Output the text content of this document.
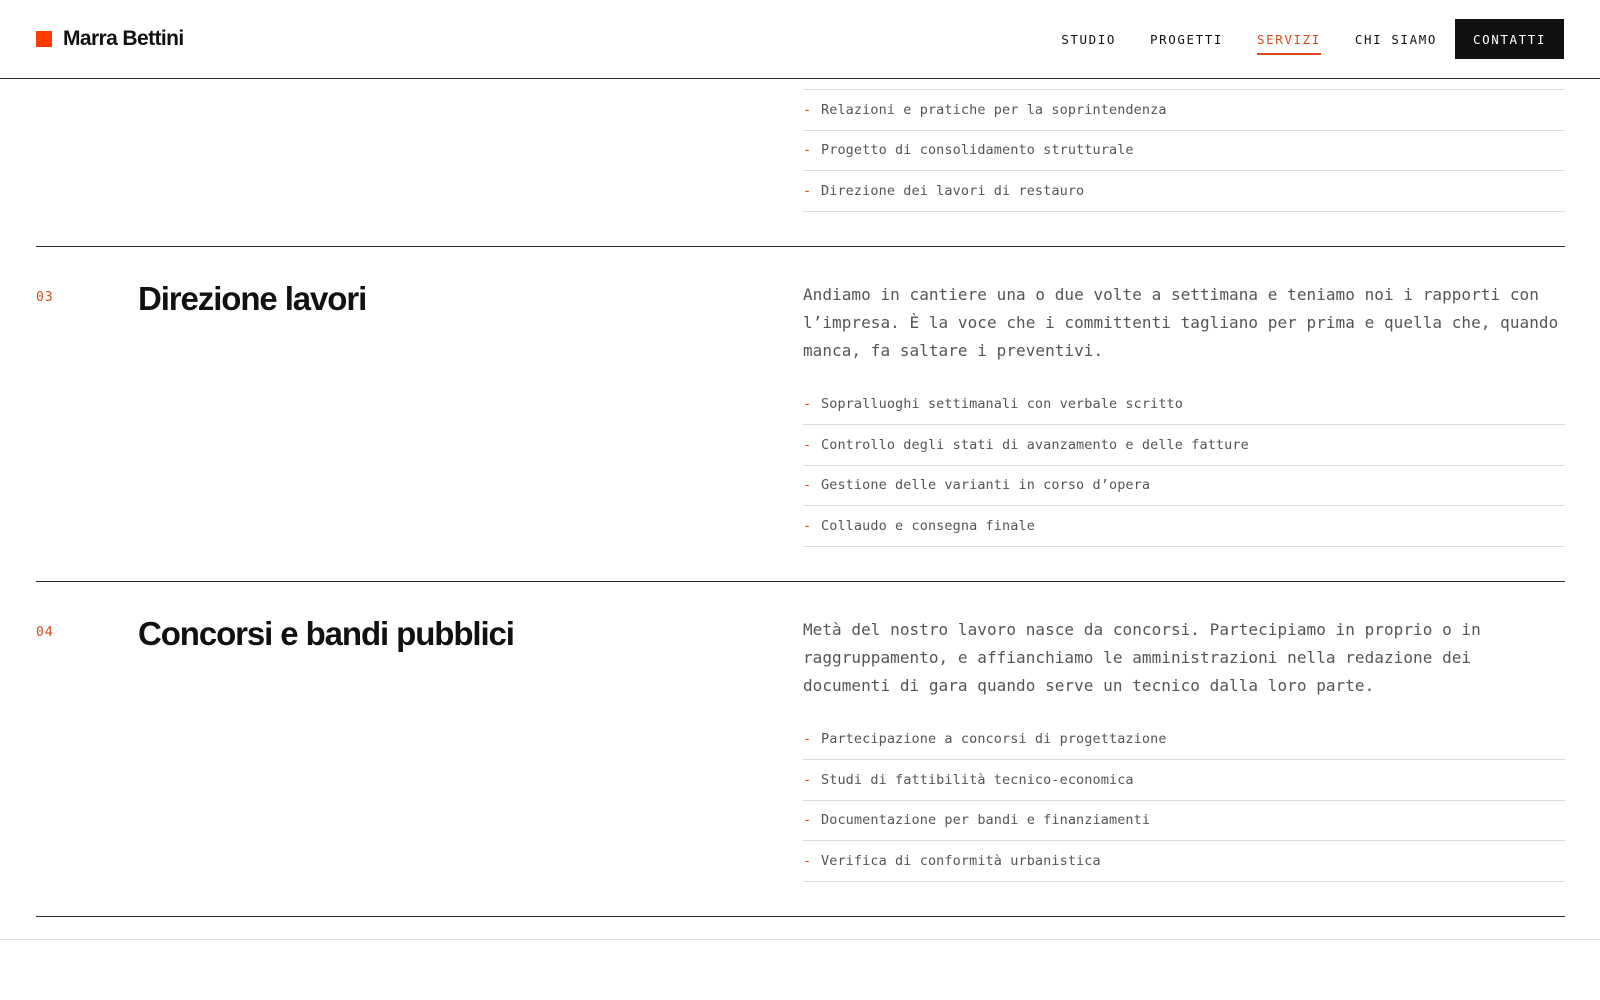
Marra Bettini	STUDIO	PROGETTI	SERVIZI	CHI SIAMO	CONTATTI
- Relazioni e pratiche per la soprintendenza
- Progetto di consolidamento strutturale
- Direzione dei lavori di restauro
03	Direzione lavori	Andiamo in cantiere una o due volte a settimana e teniamo noi i rapporti con l’impresa. È la voce che i committenti tagliano per prima e quella che, quando manca, fa saltare i preventivi.

- Sopralluoghi settimanali con verbale scritto
- Controllo degli stati di avanzamento e delle fatture
- Gestione delle varianti in corso d’opera
- Collaudo e consegna finale
04	Concorsi e bandi pubblici	Metà del nostro lavoro nasce da concorsi. Partecipiamo in proprio o in raggruppamento, e affianchiamo le amministrazioni nella redazione dei documenti di gara quando serve un tecnico dalla loro parte.

- Partecipazione a concorsi di progettazione
- Studi di fattibilità tecnico-economica
- Documentazione per bandi e finanziamenti
- Verifica di conformità urbanistica
